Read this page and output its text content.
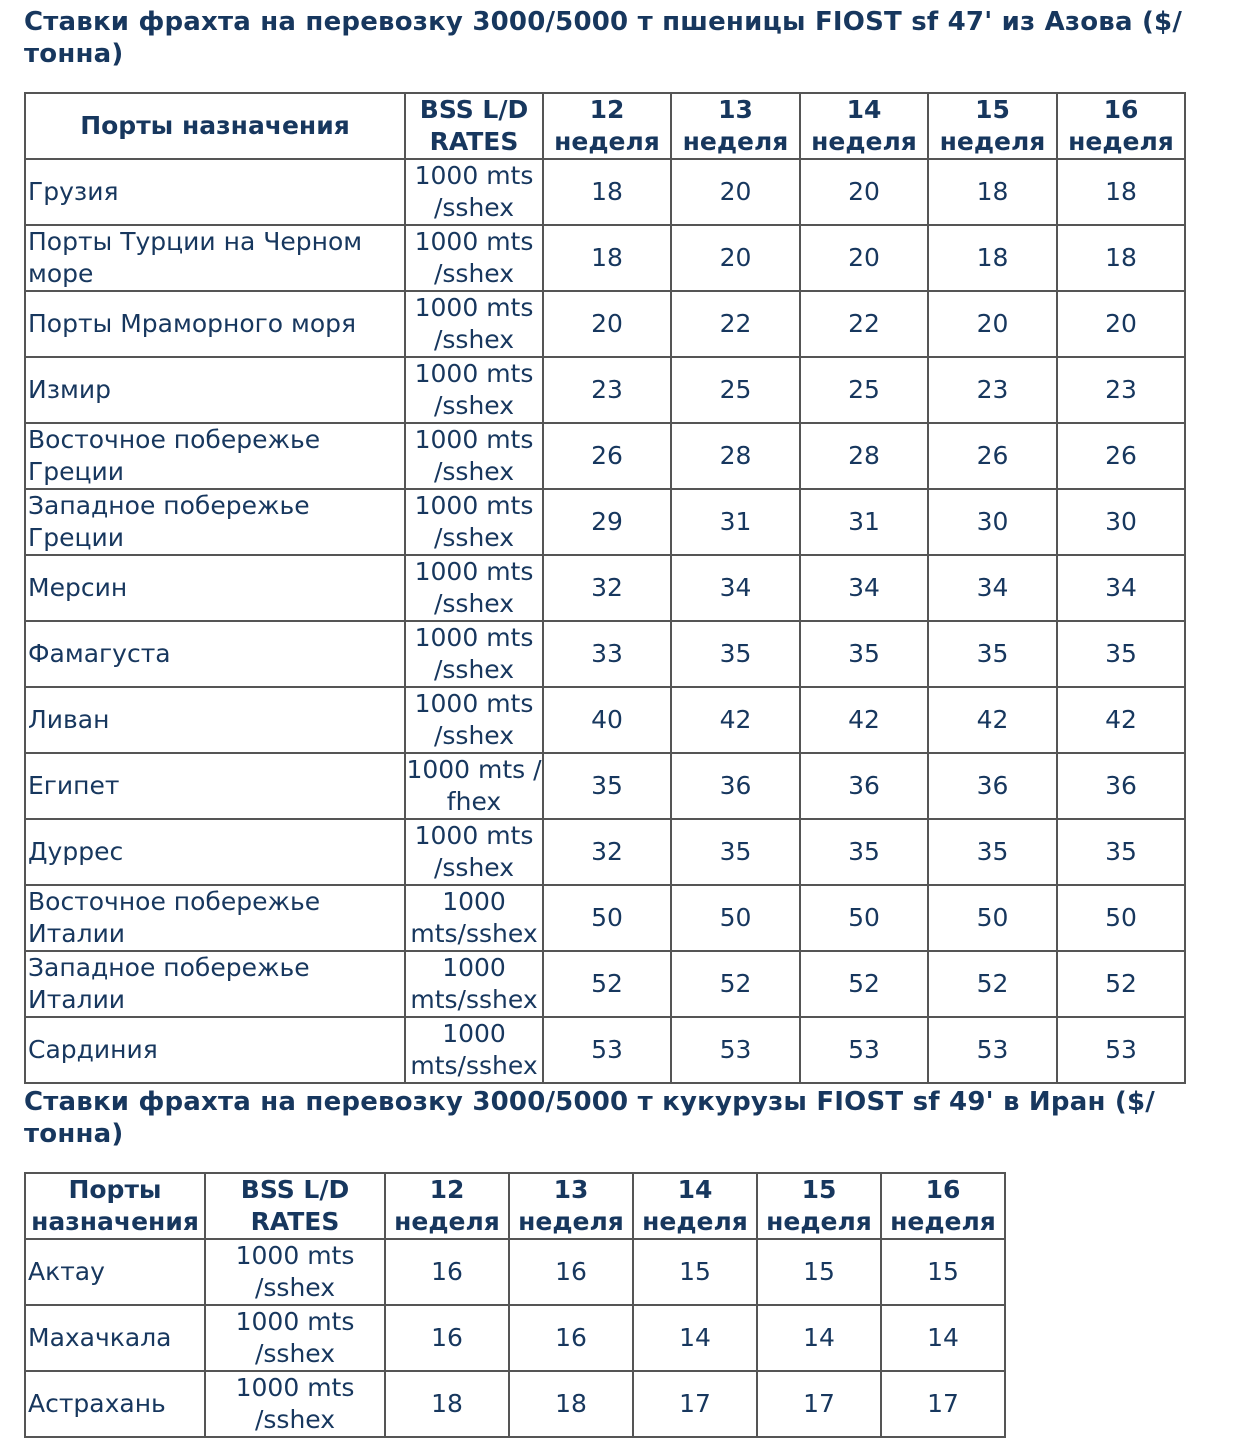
Ставки фрахта на перевозку 3000/5000 т пшеницы FIOST sf 47' из Азова ($/ тонна)
Порты назначения	BSS L/D RATES	12 неделя	13 неделя	14 неделя	15 неделя	16 неделя
Грузия	1000 mts /sshex	18	20	20	18	18
Порты Турции на Черном море	1000 mts /sshex	18	20	20	18	18
Порты Мраморного моря	1000 mts /sshex	20	22	22	20	20
Измир	1000 mts /sshex	23	25	25	23	23
Восточное побережье Греции	1000 mts /sshex	26	28	28	26	26
Западное побережье Греции	1000 mts /sshex	29	31	31	30	30
Мерсин	1000 mts /sshex	32	34	34	34	34
Фамагуста	1000 mts /sshex	33	35	35	35	35
Ливан	1000 mts /sshex	40	42	42	42	42
Египет	1000 mts / fhex	35	36	36	36	36
Дуррес	1000 mts /sshex	32	35	35	35	35
Восточное побережье Италии	1000 mts/sshex	50	50	50	50	50
Западное побережье Италии	1000 mts/sshex	52	52	52	52	52
Сардиния	1000 mts/sshex	53	53	53	53	53
Ставки фрахта на перевозку 3000/5000 т кукурузы FIOST sf 49' в Иран ($/ тонна)
Порты назначения	BSS L/D RATES	12 неделя	13 неделя	14 неделя	15 неделя	16 неделя
Актау	1000 mts /sshex	16	16	15	15	15
Махачкала	1000 mts /sshex	16	16	14	14	14
Астрахань	1000 mts /sshex	18	18	17	17	17
